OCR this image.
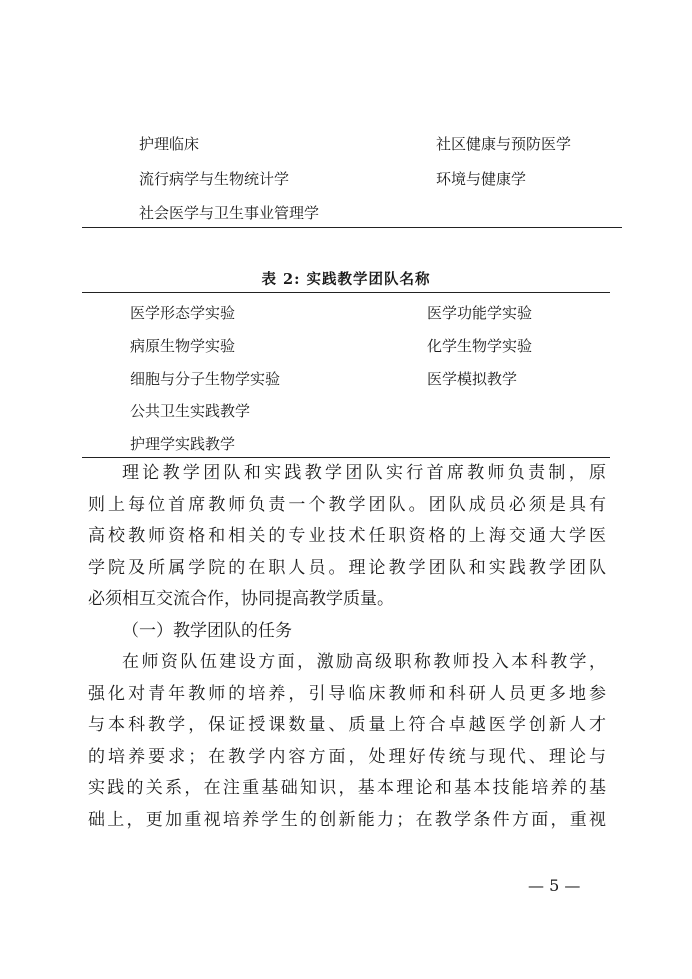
护理临床	社区健康与预防医学
流行病学与生物统计学	环境与健康学
社会医学与卫生事业管理学
表 2: 实践教学团队名称
医学形态学实验	医学功能学实验
病原生物学实验	化学生物学实验
细胞与分子生物学实验	医学模拟教学
公共卫生实践教学
护理学实践教学

理论教学团队和实践教学团队实行首席教师负责制，原

则上每位首席教师负责一个教学团队。团队成员必须是具有

高校教师资格和相关的专业技术任职资格的上海交通大学医

学院及所属学院的在职人员。理论教学团队和实践教学团队

必须相互交流合作，协同提高教学质量。

（一）教学团队的任务

在师资队伍建设方面，激励高级职称教师投入本科教学，

强化对青年教师的培养，引导临床教师和科研人员更多地参

与本科教学，保证授课数量、质量上符合卓越医学创新人才

的培养要求；在教学内容方面，处理好传统与现代、理论与

实践的关系，在注重基础知识，基本理论和基本技能培养的基

础上，更加重视培养学生的创新能力；在教学条件方面，重视

— 5 —
